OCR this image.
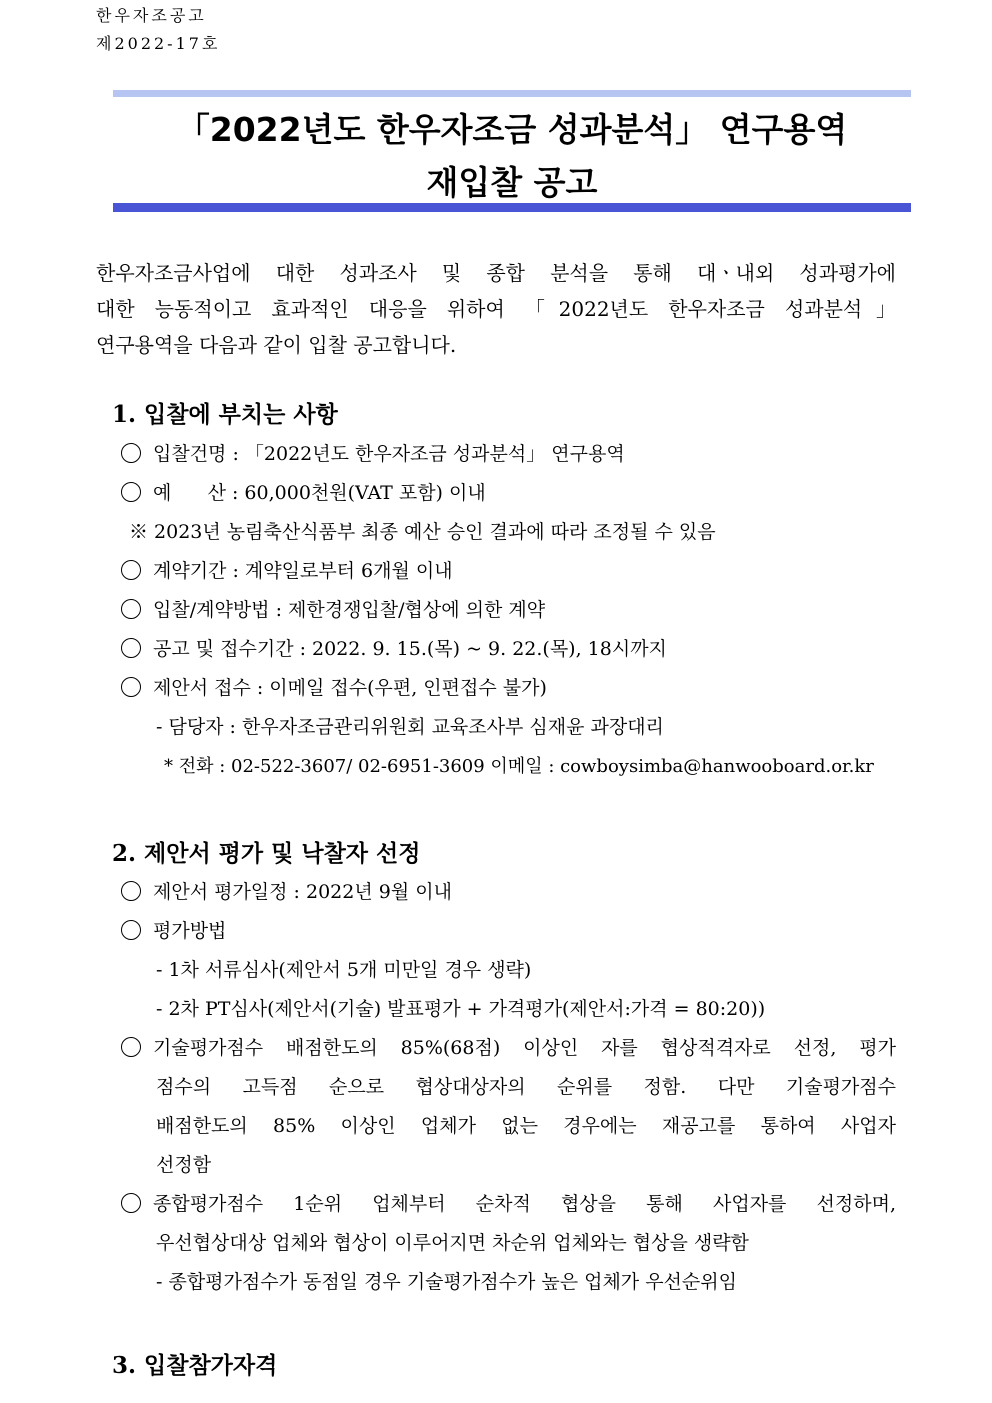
한우자조공고
제2022-17호
「2022년도 한우자조금 성과분석」 연구용역
재입찰 공고
한우자조금사업에 대한 성과조사 및 종합 분석을 통해 대ㆍ내외 성과평가에
대한 능동적이고 효과적인 대응을 위하여 「2022년도 한우자조금 성과분석」
연구용역을 다음과 같이 입찰 공고합니다.
1. 입찰에 부치는 사항
입찰건명 : 「2022년도 한우자조금 성과분석」 연구용역
예      산 : 60,000천원(VAT 포함) 이내
※ 2023년 농림축산식품부 최종 예산 승인 결과에 따라 조정될 수 있음
계약기간 : 계약일로부터 6개월 이내
입찰/계약방법 : 제한경쟁입찰/협상에 의한 계약
공고 및 접수기간 : 2022. 9. 15.(목) ~ 9. 22.(목), 18시까지
제안서 접수 : 이메일 접수(우편, 인편접수 불가)
- 담당자 : 한우자조금관리위원회 교육조사부 심재윤 과장대리
* 전화 : 02-522-3607/ 02-6951-3609 이메일 : cowboysimba@hanwooboard.or.kr
2. 제안서 평가 및 낙찰자 선정
제안서 평가일정 : 2022년 9월 이내
평가방법
- 1차 서류심사(제안서 5개 미만일 경우 생략)
- 2차 PT심사(제안서(기술) 발표평가 + 가격평가(제안서:가격 = 80:20))
기술평가점수 배점한도의 85%(68점) 이상인 자를 협상적격자로 선정, 평가
점수의 고득점 순으로 협상대상자의 순위를 정함. 다만 기술평가점수
배점한도의 85% 이상인 업체가 없는 경우에는 재공고를 통하여 사업자
선정함
종합평가점수 1순위 업체부터 순차적 협상을 통해 사업자를 선정하며,
우선협상대상 업체와 협상이 이루어지면 차순위 업체와는 협상을 생략함
- 종합평가점수가 동점일 경우 기술평가점수가 높은 업체가 우선순위임
3. 입찰참가자격
